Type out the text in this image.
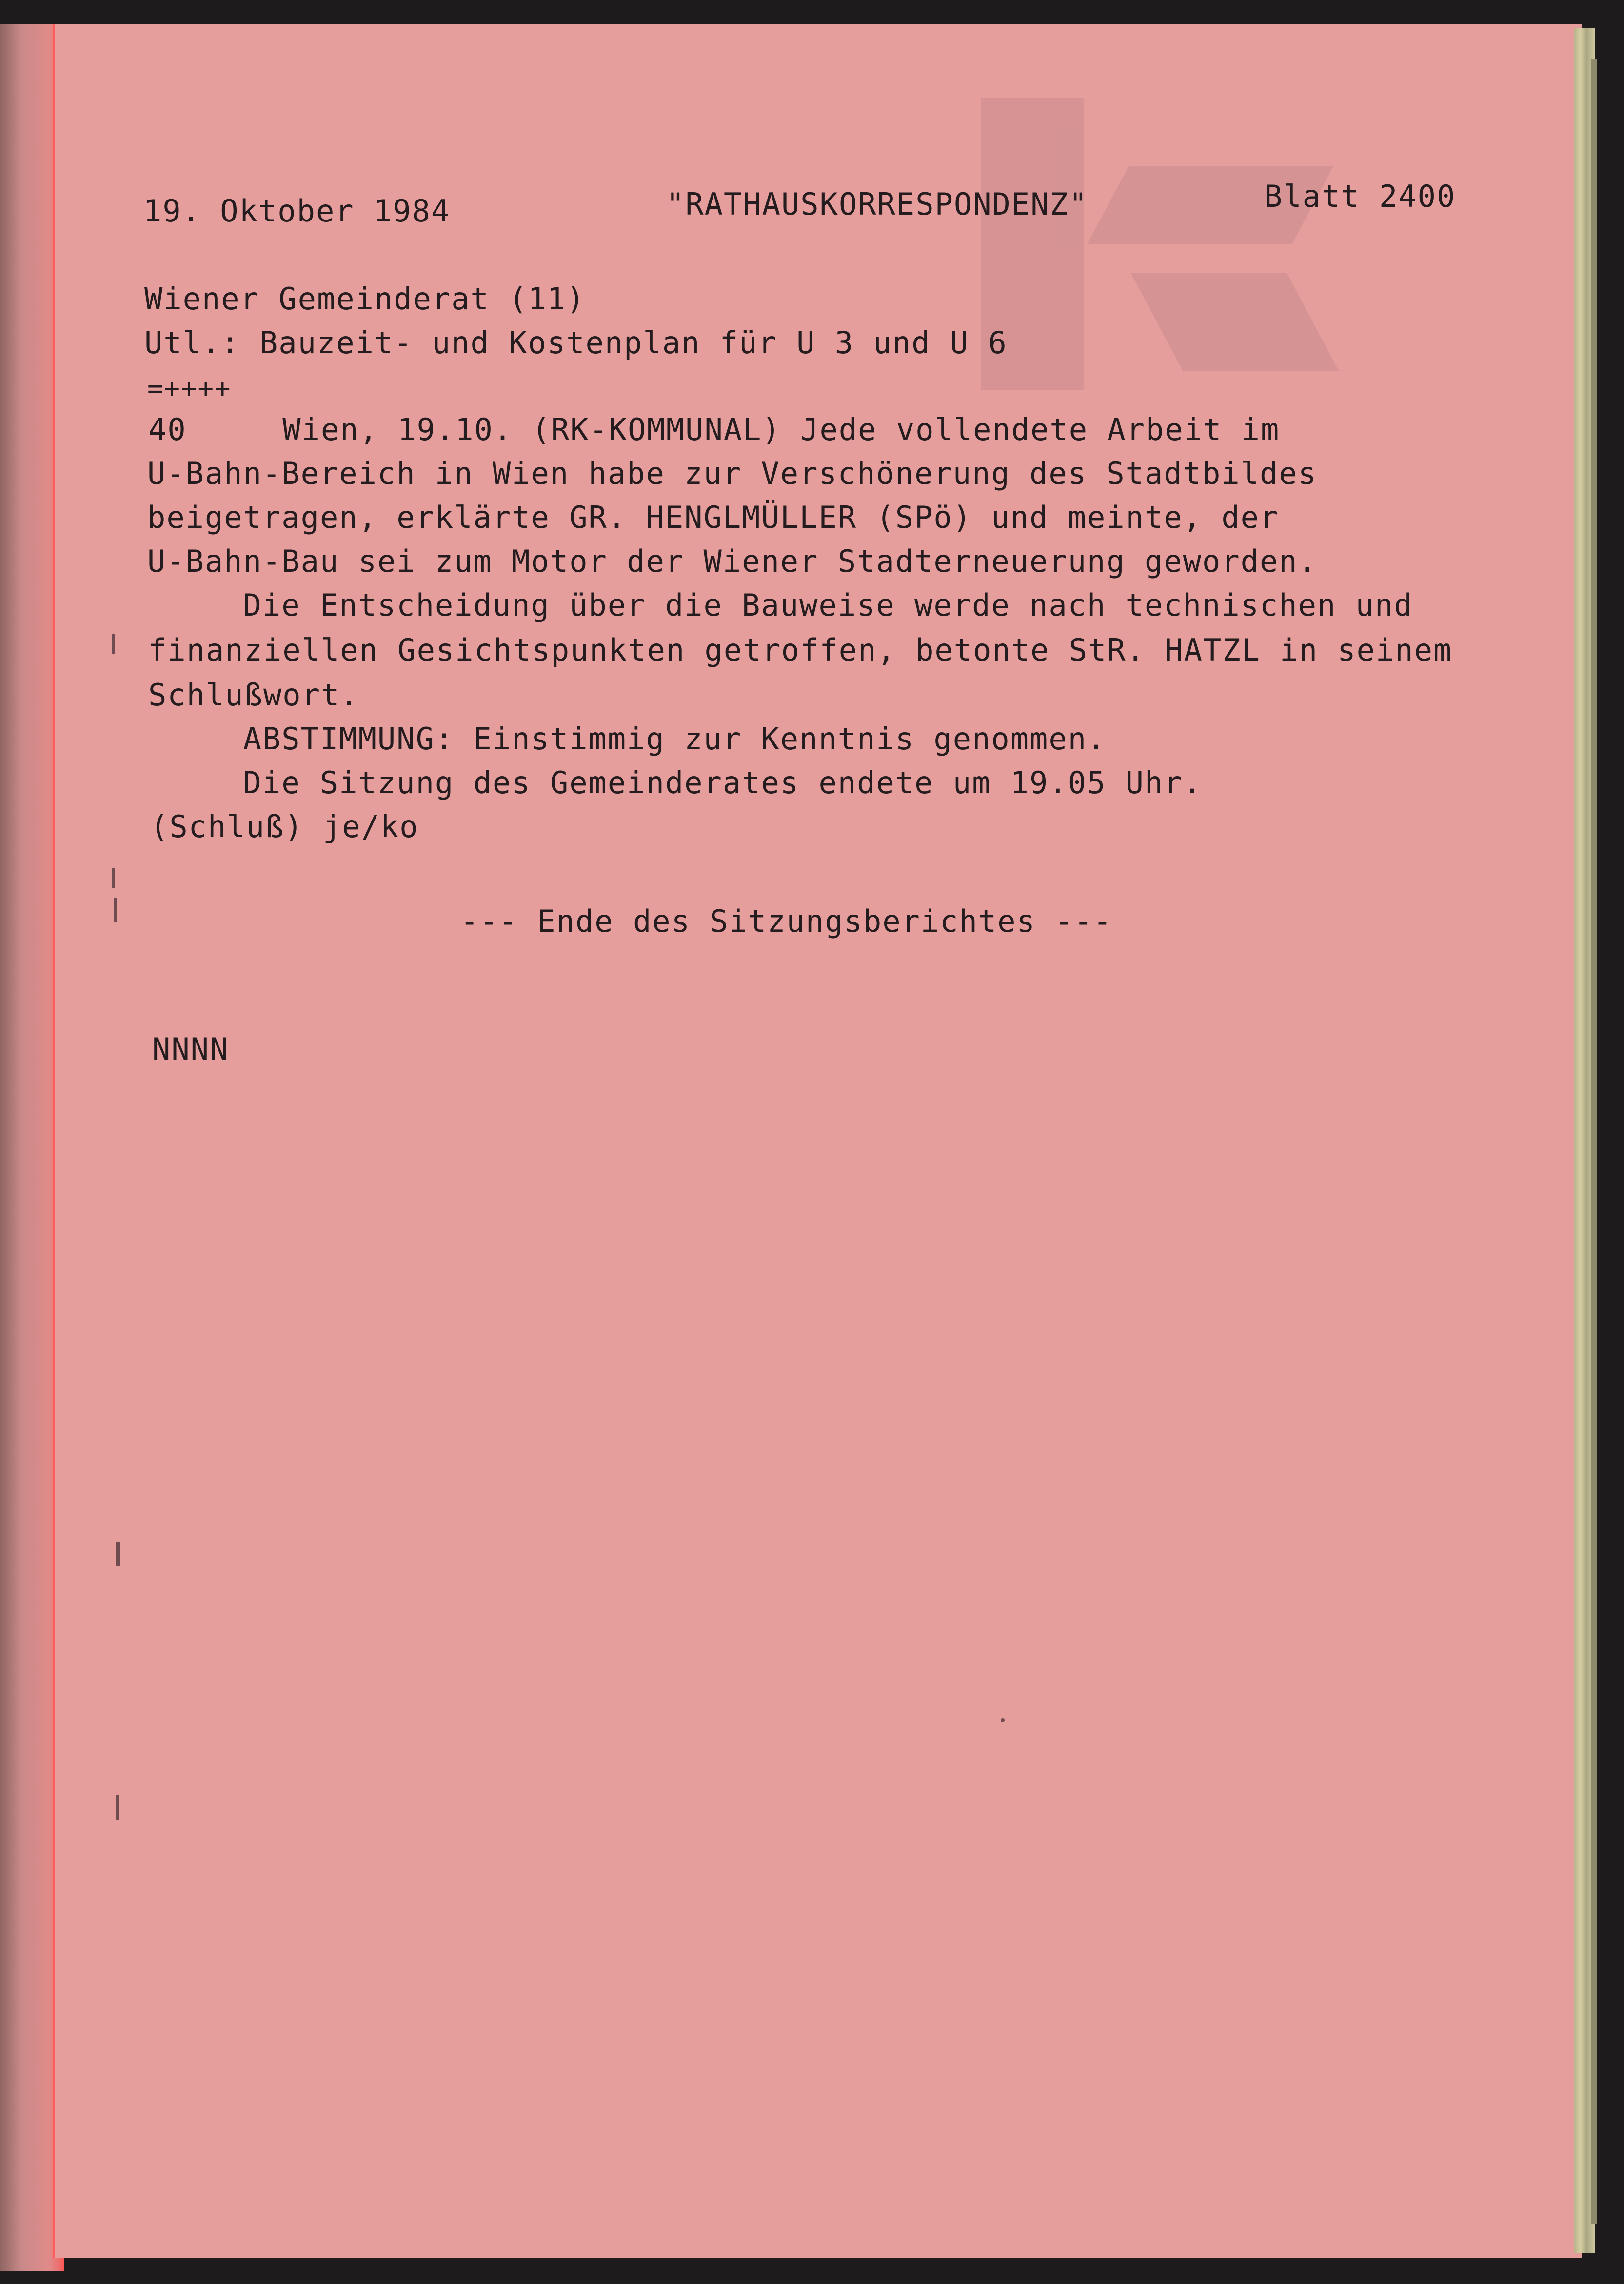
19. Oktober 1984	"RATHAUSKORRESPONDENZ"	Blatt 2400

Wiener Gemeinderat (11)

Utl.: Bauzeit- und Kostenplan für U 3 und U 6

=++++

40     Wien, 19.10. (RK-KOMMUNAL) Jede vollendete Arbeit im

U-Bahn-Bereich in Wien habe zur Verschönerung des Stadtbildes

beigetragen, erklärte GR. HENGLMÜLLER (SPö) und meinte, der

U-Bahn-Bau sei zum Motor der Wiener Stadterneuerung geworden.

Die Entscheidung über die Bauweise werde nach technischen und

finanziellen Gesichtspunkten getroffen, betonte StR. HATZL in seinem

Schlußwort.

ABSTIMMUNG: Einstimmig zur Kenntnis genommen.

Die Sitzung des Gemeinderates endete um 19.05 Uhr.

(Schluß) je/ko

--- Ende des Sitzungsberichtes ---

NNNN
